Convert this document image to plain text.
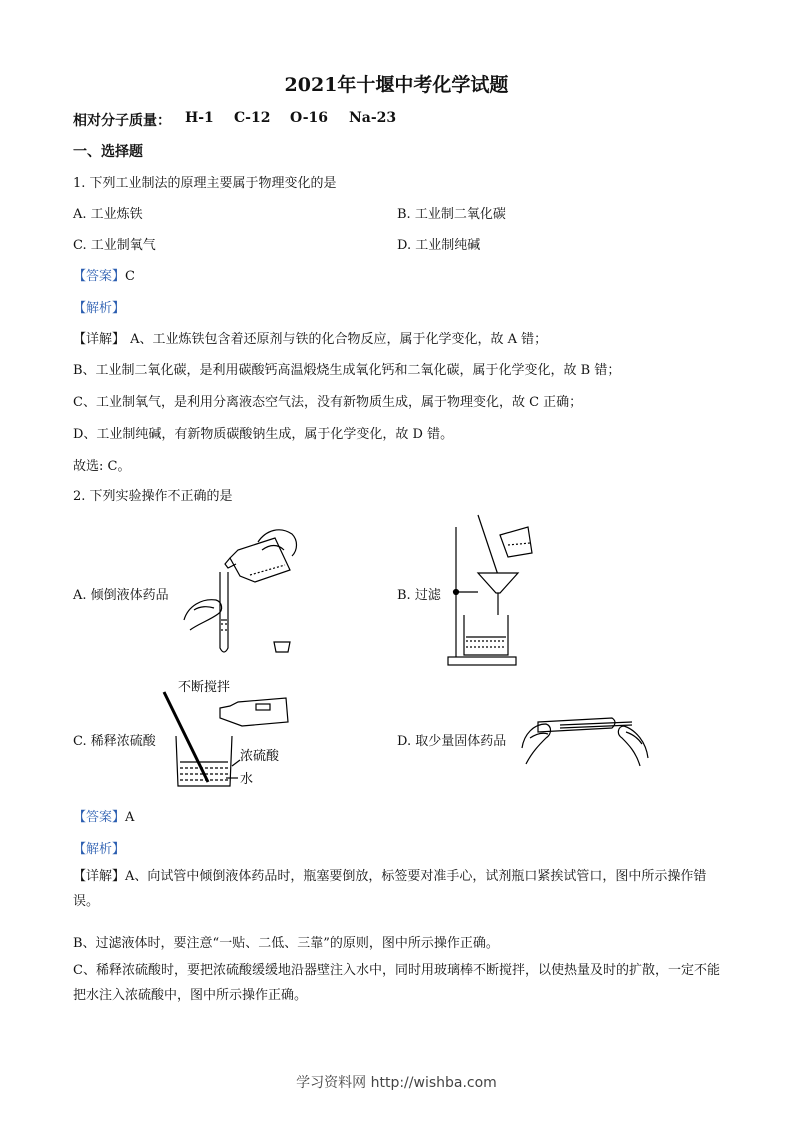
2021年十堰中考化学试题
相对分子质量： H-1 C-12 O-16 Na-23
一、选择题
1. 下列工业制法的原理主要属于物理变化的是
A. 工业炼铁	B. 工业制二氧化碳
C. 工业制氧气	D. 工业制纯碱
【答案】C
【解析】
【详解】 A、工业炼铁包含着还原剂与铁的化合物反应，属于化学变化，故 A 错；
B、工业制二氧化碳，是利用碳酸钙高温煅烧生成氧化钙和二氧化碳，属于化学变化，故 B 错；
C、工业制氧气，是利用分离液态空气法，没有新物质生成，属于物理变化，故 C 正确；
D、工业制纯碱，有新物质碳酸钠生成，属于化学变化，故 D 错。
故选: C。
2. 下列实验操作不正确的是
A. 倾倒液体药品	B. 过滤
C. 稀释浓硫酸	D. 取少量固体药品
不断搅拌
浓硫酸
水
【答案】A
【解析】
【详解】A、向试管中倾倒液体药品时，瓶塞要倒放，标签要对准手心，试剂瓶口紧挨试管口，图中所示操作错误。
B、过滤液体时，要注意“一贴、二低、三靠”的原则，图中所示操作正确。
C、稀释浓硫酸时，要把浓硫酸缓缓地沿器壁注入水中，同时用玻璃棒不断搅拌，以使热量及时的扩散，一定不能把水注入浓硫酸中，图中所示操作正确。
学习资料网 http://wishba.com
